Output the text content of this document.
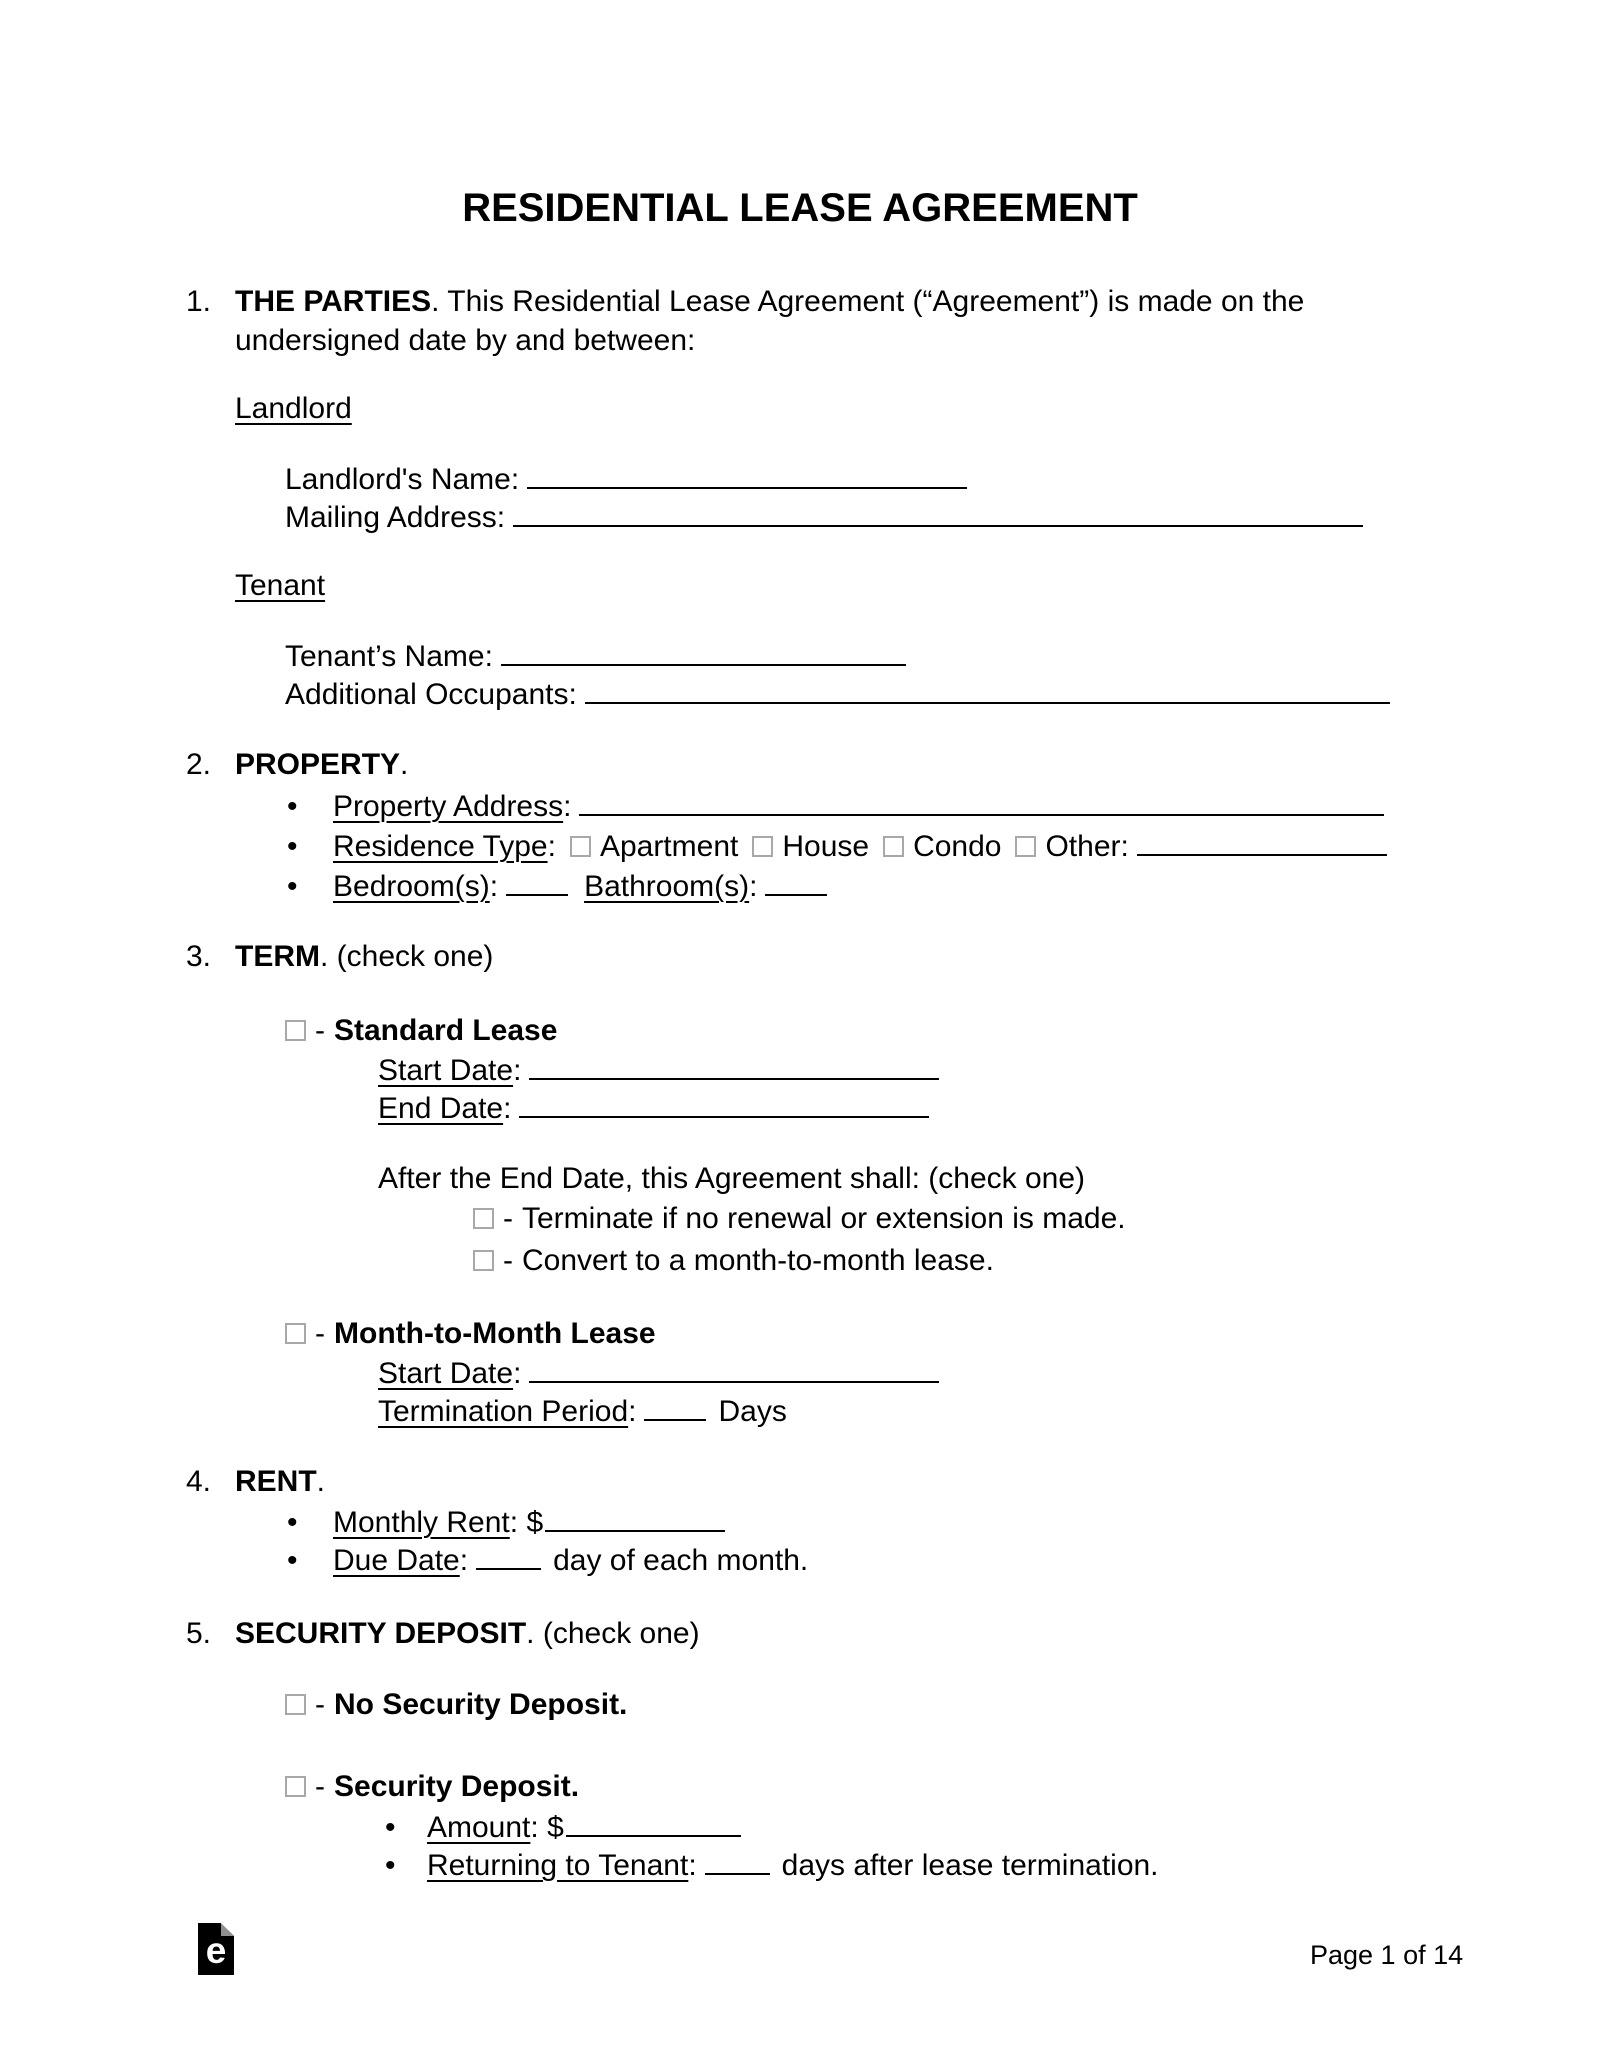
RESIDENTIAL LEASE AGREEMENT
1. THE PARTIES. This Residential Lease Agreement (“Agreement”) is made on the
undersigned date by and between:
Landlord
Landlord's Name:
Mailing Address:
Tenant
Tenant’s Name:
Additional Occupants:
2. PROPERTY.
• Property Address:
• Residence Type: Apartment House Condo Other:
• Bedroom(s):	Bathroom(s):
3. TERM. (check one)
- Standard Lease
Start Date:
End Date:
After the End Date, this Agreement shall: (check one)
- Terminate if no renewal or extension is made.
- Convert to a month-to-month lease.
- Month-to-Month Lease
Start Date:
Termination Period:	Days
4. RENT.
• Monthly Rent: $
• Due Date:	day of each month.
5. SECURITY DEPOSIT. (check one)
- No Security Deposit.
- Security Deposit.
• Amount: $
• Returning to Tenant:	days after lease termination.
e	Page 1 of 14
